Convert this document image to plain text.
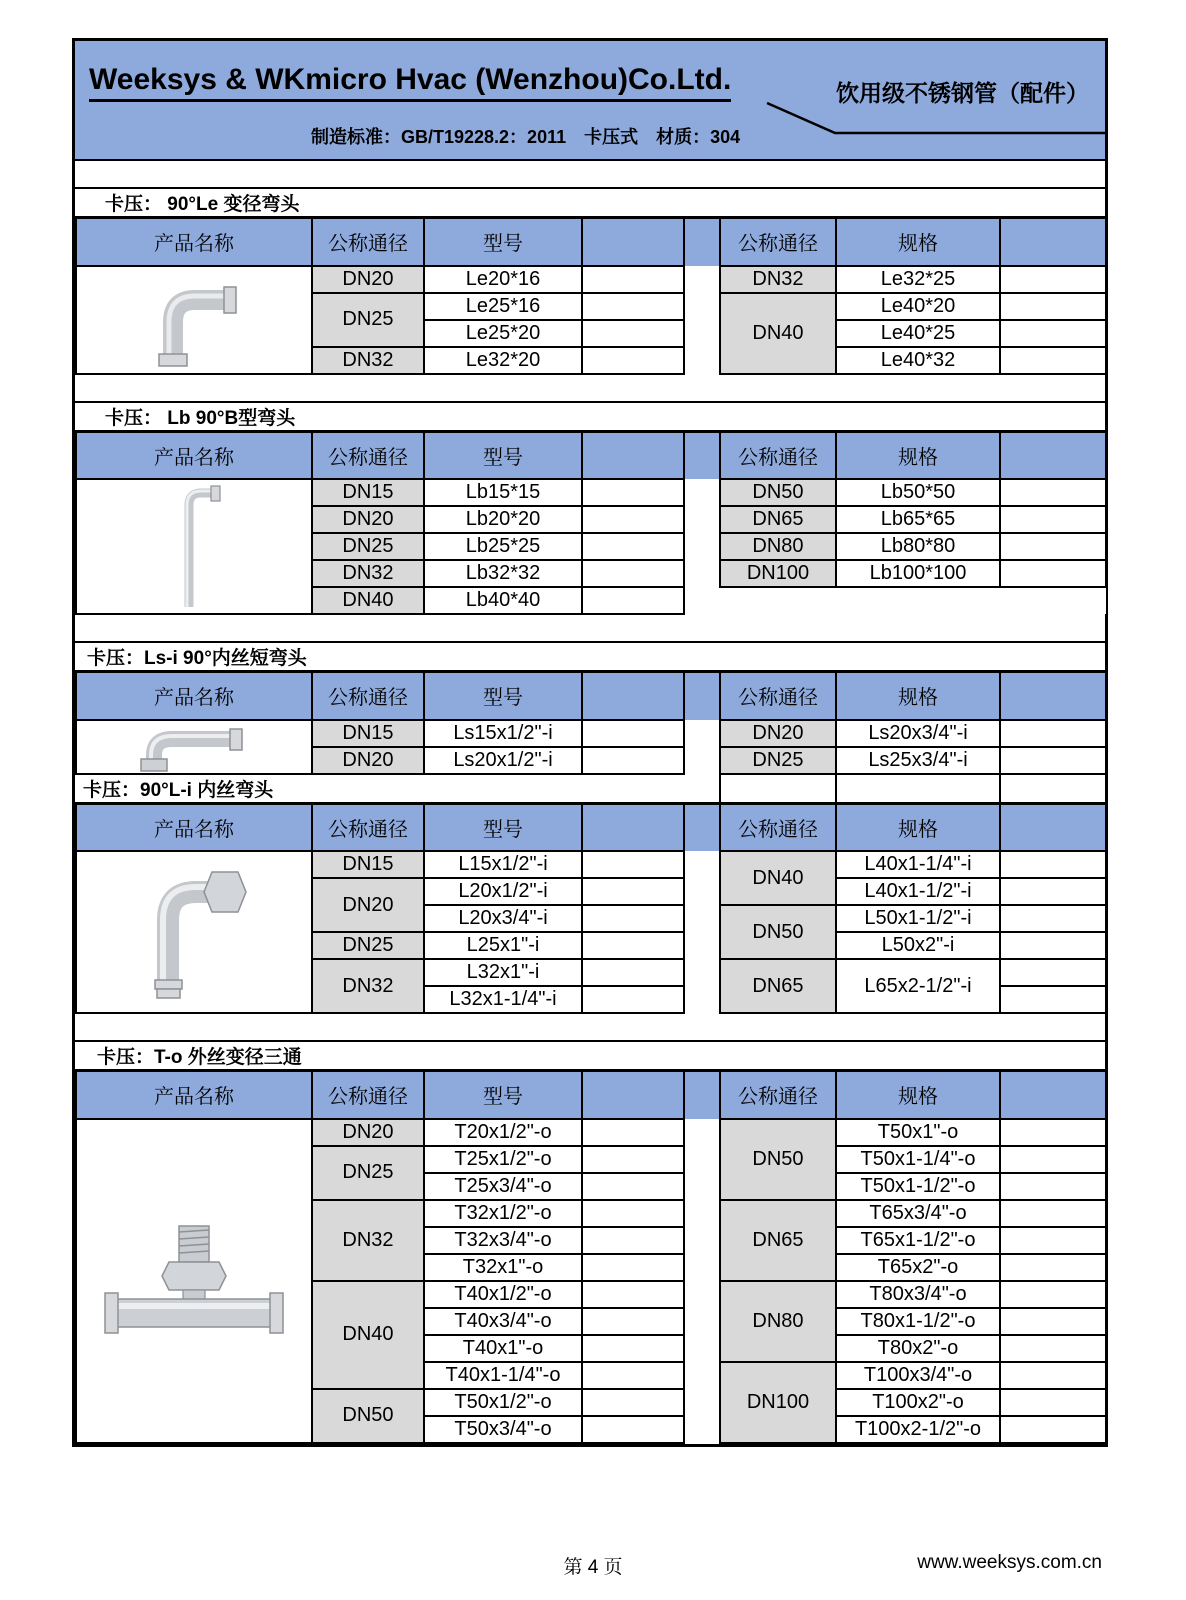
Weeksys & WKmicro Hvac (Wenzhou)Co.Ltd.	饮用级不锈钢管（配件）
制造标准：GB/T19228.2：2011　卡压式　材质：304
卡压： 90°Le 变径弯头
产品名称	公称通径	型号			公称通径	规格	

	DN20	Le20*16			DN32	Le32*25	
	DN25	Le25*16			DN40	Le40*20	
		Le25*20				Le40*25	
	DN32	Le32*20				Le40*32	
卡压： Lb 90°B型弯头
产品名称	公称通径	型号			公称通径	规格	

	DN15	Lb15*15			DN50	Lb50*50	
	DN20	Lb20*20			DN65	Lb65*65	
	DN25	Lb25*25			DN80	Lb80*80	
	DN32	Lb32*32			DN100	Lb100*100	
	DN40	Lb40*40					
卡压：Ls-i 90°内丝短弯头
产品名称	公称通径	型号			公称通径	规格	

	DN15	Ls15x1/2"-i			DN20	Ls20x3/4"-i	
	DN20	Ls20x1/2"-i			DN25	Ls25x3/4"-i	
卡压：90°L-i 内丝弯头
产品名称	公称通径	型号			公称通径	规格	

	DN15	L15x1/2"-i			DN40	L40x1-1/4"-i	
	DN20	L20x1/2"-i				L40x1-1/2"-i	
		L20x3/4"-i			DN50	L50x1-1/2"-i	
	DN25	L25x1"-i				L50x2"-i	
	DN32	L32x1"-i			DN65	L65x2-1/2"-i	
		L32x1-1/4"-i					
卡压：T-o 外丝变径三通
产品名称	公称通径	型号			公称通径	规格	

	DN20	T20x1/2"-o			DN50	T50x1"-o	
	DN25	T25x1/2"-o				T50x1-1/4"-o	
		T25x3/4"-o				T50x1-1/2"-o	
	DN32	T32x1/2"-o			DN65	T65x3/4"-o	
		T32x3/4"-o				T65x1-1/2"-o	
		T32x1"-o				T65x2"-o	
	DN40	T40x1/2"-o			DN80	T80x3/4"-o	
		T40x3/4"-o				T80x1-1/2"-o	
		T40x1"-o				T80x2"-o	
		T40x1-1/4"-o			DN100	T100x3/4"-o	
	DN50	T50x1/2"-o				T100x2"-o	
		T50x3/4"-o				T100x2-1/2"-o	
第 4 页	www.weeksys.com.cn
